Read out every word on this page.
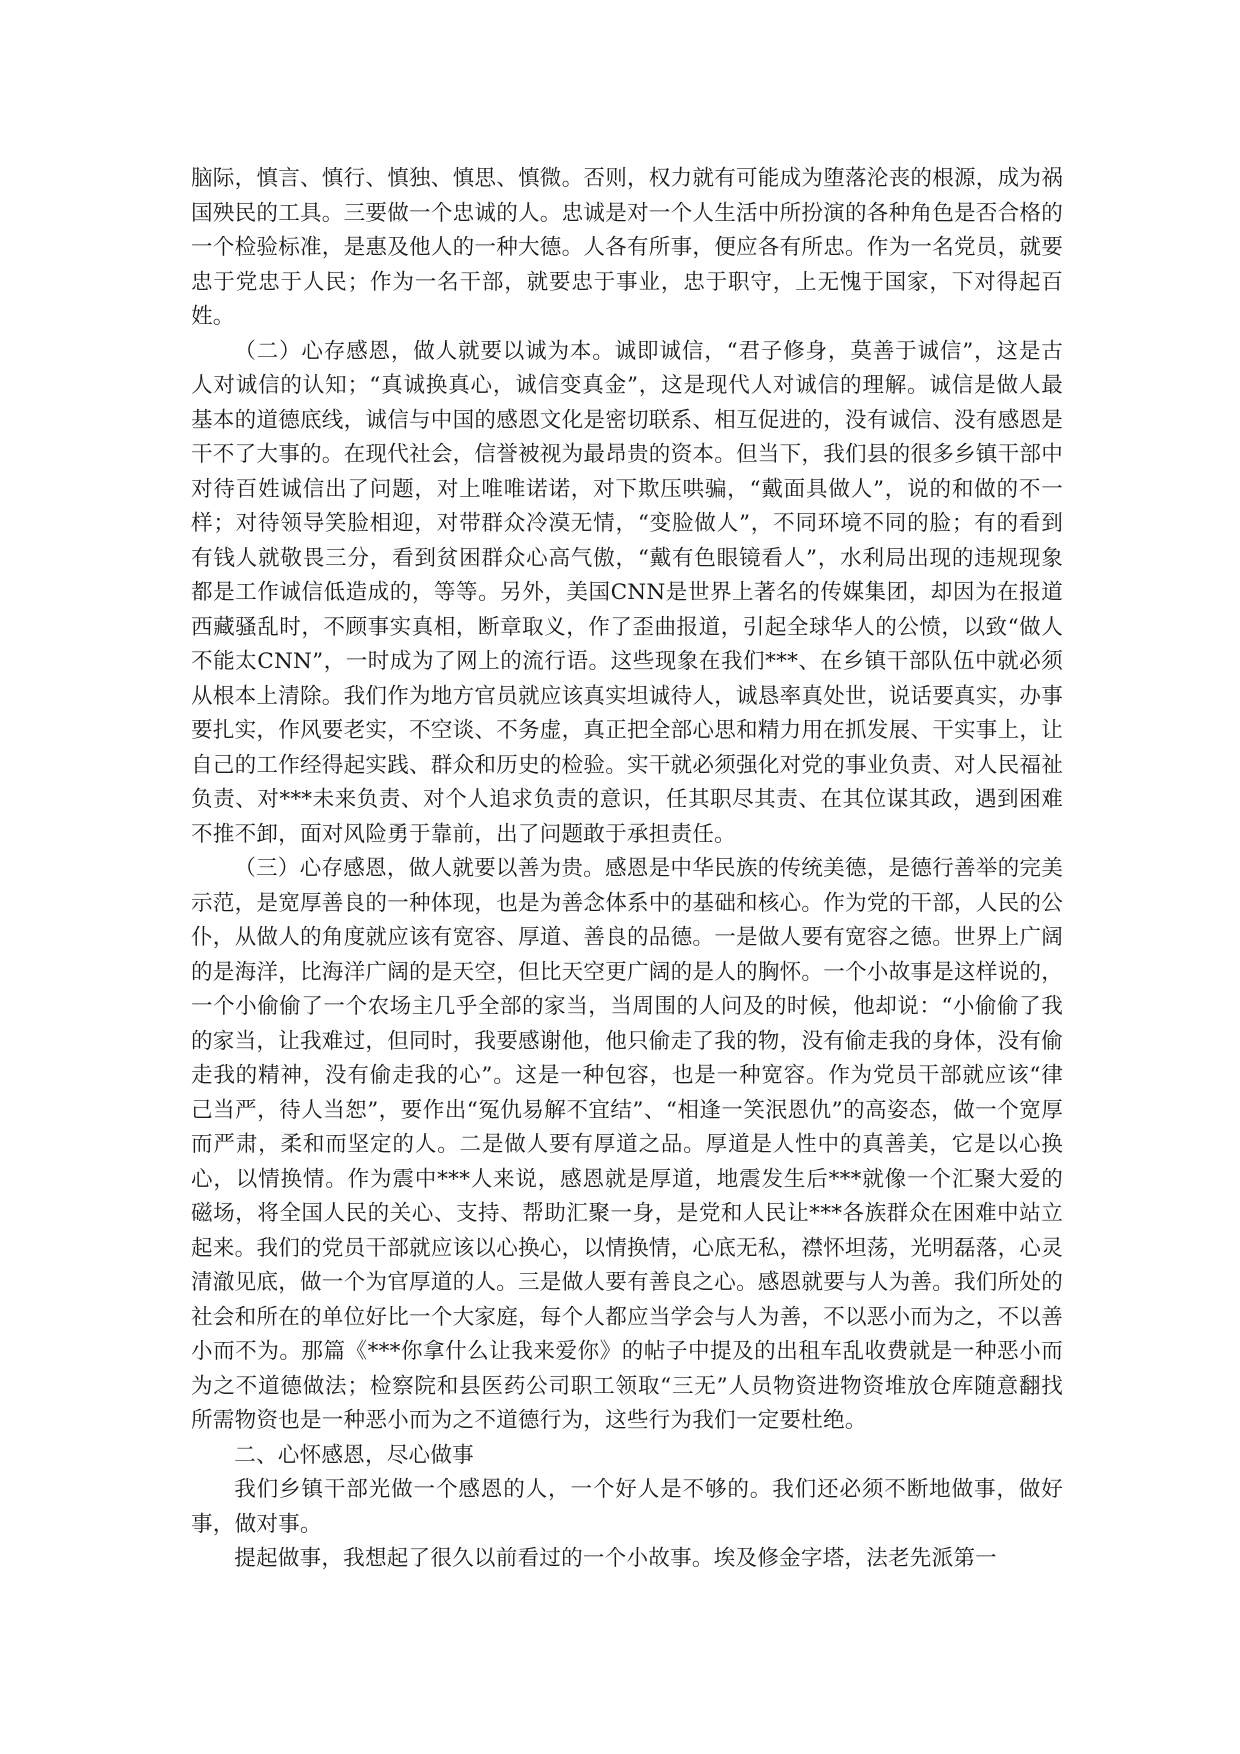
脑际，慎言、慎行、慎独、慎思、慎微。否则，权力就有可能成为堕落沦丧的根源，成为祸国殃民的工具。三要做一个忠诚的人。忠诚是对一个人生活中所扮演的各种角色是否合格的一个检验标准，是惠及他人的一种大德。人各有所事，便应各有所忠。作为一名党员，就要忠于党忠于人民；作为一名干部，就要忠于事业，忠于职守，上无愧于国家，下对得起百姓。

（二）心存感恩，做人就要以诚为本。诚即诚信，“君子修身，莫善于诚信”，这是古人对诚信的认知；“真诚换真心，诚信变真金”，这是现代人对诚信的理解。诚信是做人最基本的道德底线，诚信与中国的感恩文化是密切联系、相互促进的，没有诚信、没有感恩是干不了大事的。在现代社会，信誉被视为最昂贵的资本。但当下，我们县的很多乡镇干部中对待百姓诚信出了问题，对上唯唯诺诺，对下欺压哄骗，“戴面具做人”，说的和做的不一样；对待领导笑脸相迎，对带群众冷漠无情，“变脸做人”，不同环境不同的脸；有的看到有钱人就敬畏三分，看到贫困群众心高气傲，“戴有色眼镜看人”，水利局出现的违规现象都是工作诚信低造成的，等等。另外，美国CNN是世界上著名的传媒集团，却因为在报道西藏骚乱时，不顾事实真相，断章取义，作了歪曲报道，引起全球华人的公愤，以致“做人不能太CNN”，一时成为了网上的流行语。这些现象在我们***、在乡镇干部队伍中就必须从根本上清除。我们作为地方官员就应该真实坦诚待人，诚恳率真处世，说话要真实，办事要扎实，作风要老实，不空谈、不务虚，真正把全部心思和精力用在抓发展、干实事上，让自己的工作经得起实践、群众和历史的检验。实干就必须强化对党的事业负责、对人民福祉负责、对***未来负责、对个人追求负责的意识，任其职尽其责、在其位谋其政，遇到困难不推不卸，面对风险勇于靠前，出了问题敢于承担责任。

（三）心存感恩，做人就要以善为贵。感恩是中华民族的传统美德，是德行善举的完美示范，是宽厚善良的一种体现，也是为善念体系中的基础和核心。作为党的干部，人民的公仆，从做人的角度就应该有宽容、厚道、善良的品德。一是做人要有宽容之德。世界上广阔的是海洋，比海洋广阔的是天空，但比天空更广阔的是人的胸怀。一个小故事是这样说的，一个小偷偷了一个农场主几乎全部的家当，当周围的人问及的时候，他却说：“小偷偷了我的家当，让我难过，但同时，我要感谢他，他只偷走了我的物，没有偷走我的身体，没有偷走我的精神，没有偷走我的心”。这是一种包容，也是一种宽容。作为党员干部就应该“律己当严，待人当恕”，要作出“冤仇易解不宜结”、“相逢一笑泯恩仇”的高姿态，做一个宽厚而严肃，柔和而坚定的人。二是做人要有厚道之品。厚道是人性中的真善美，它是以心换心，以情换情。作为震中***人来说，感恩就是厚道，地震发生后***就像一个汇聚大爱的磁场，将全国人民的关心、支持、帮助汇聚一身，是党和人民让***各族群众在困难中站立起来。我们的党员干部就应该以心换心，以情换情，心底无私，襟怀坦荡，光明磊落，心灵清澈见底，做一个为官厚道的人。三是做人要有善良之心。感恩就要与人为善。我们所处的社会和所在的单位好比一个大家庭，每个人都应当学会与人为善，不以恶小而为之，不以善小而不为。那篇《***你拿什么让我来爱你》的帖子中提及的出租车乱收费就是一种恶小而为之不道德做法；检察院和县医药公司职工领取“三无”人员物资进物资堆放仓库随意翻找所需物资也是一种恶小而为之不道德行为，这些行为我们一定要杜绝。

二、心怀感恩，尽心做事

我们乡镇干部光做一个感恩的人，一个好人是不够的。我们还必须不断地做事，做好事，做对事。

提起做事，我想起了很久以前看过的一个小故事。埃及修金字塔，法老先派第一
